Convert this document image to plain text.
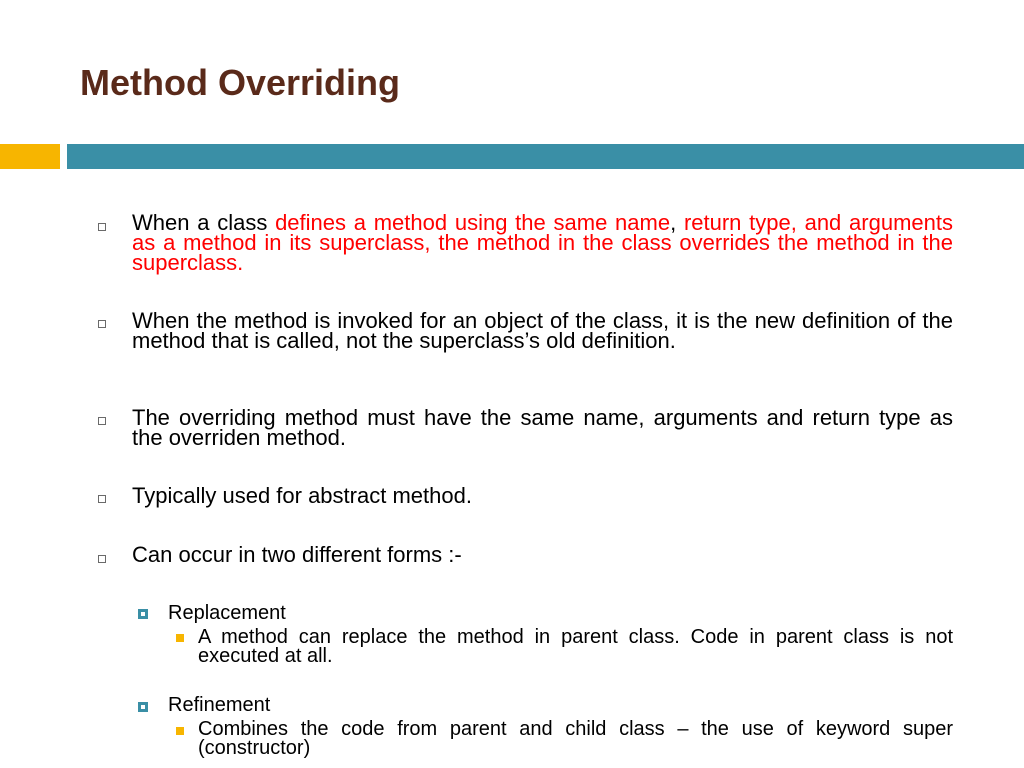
Method Overriding
When a class defines a method using the same name, return type, and arguments as a method in its superclass, the method in the class overrides the method in the superclass.
When the method is invoked for an object of the class, it is the new definition of the method that is called, not the superclass’s old definition.
The overriding method must have the same name, arguments and return type as the overriden method.
Typically used for abstract method.
Can occur in two different forms :-
Replacement
A method can replace the method in parent class. Code in parent class is not executed at all.
Refinement
Combines the code from parent and child class – the use of keyword super (constructor)
